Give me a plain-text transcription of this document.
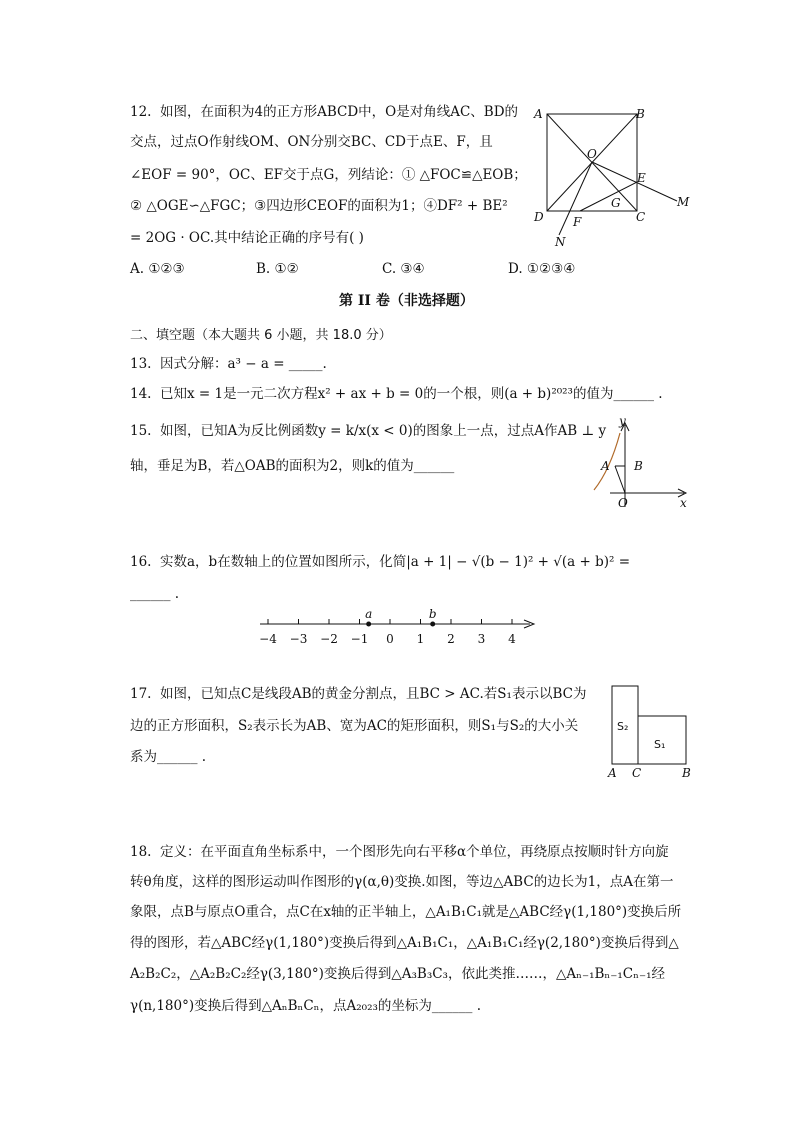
12. 如图，在面积为4的正方形ABCD中，O是对角线AC、BD的
交点，过点O作射线OM、ON分别交BC、CD于点E、F，且
∠EOF = 90°，OC、EF交于点G，列结论：① △FOC≌△EOB；
② △OGE∽△FGC；③四边形CEOF的面积为1；④DF² + BE²
= 2OG · OC.其中结论正确的序号有( )
A. ①②③	B. ①②	C. ③④	D. ①②③④
A	B
O
E
M
G
D F	C
N
第 II 卷（非选择题）
二、填空题（本大题共 6 小题，共 18.0 分）
13. 因式分解：a³ − a = _____.
14. 已知x = 1是一元二次方程x² + ax + b = 0的一个根，则(a + b)²⁰²³的值为______ .
15. 如图，已知A为反比例函数y = k/x(x < 0)的图象上一点，过点A作AB ⊥ y
轴，垂足为B，若△OAB的面积为2，则k的值为______
y
A B
O	x
16. 实数a，b在数轴上的位置如图所示，化简|a + 1| − √(b − 1)² + √(a + b)² =
______ .
−4 −3 −2 −1 0 1 2 3 4
a	b
17. 如图，已知点C是线段AB的黄金分割点，且BC > AC.若S₁表示以BC为
边的正方形面积，S₂表示长为AB、宽为AC的矩形面积，则S₁与S₂的大小关
系为______ .
S₂
S₁
A C	B
18. 定义：在平面直角坐标系中，一个图形先向右平移α个单位，再绕原点按顺时针方向旋
转θ角度，这样的图形运动叫作图形的γ(α,θ)变换.如图，等边△ABC的边长为1，点A在第一
象限，点B与原点O重合，点C在x轴的正半轴上，△A₁B₁C₁就是△ABC经γ(1,180°)变换后所
得的图形，若△ABC经γ(1,180°)变换后得到△A₁B₁C₁，△A₁B₁C₁经γ(2,180°)变换后得到△
A₂B₂C₂，△A₂B₂C₂经γ(3,180°)变换后得到△A₃B₃C₃，依此类推……，△Aₙ₋₁Bₙ₋₁Cₙ₋₁经
γ(n,180°)变换后得到△AₙBₙCₙ，点A₂₀₂₃的坐标为______ .
